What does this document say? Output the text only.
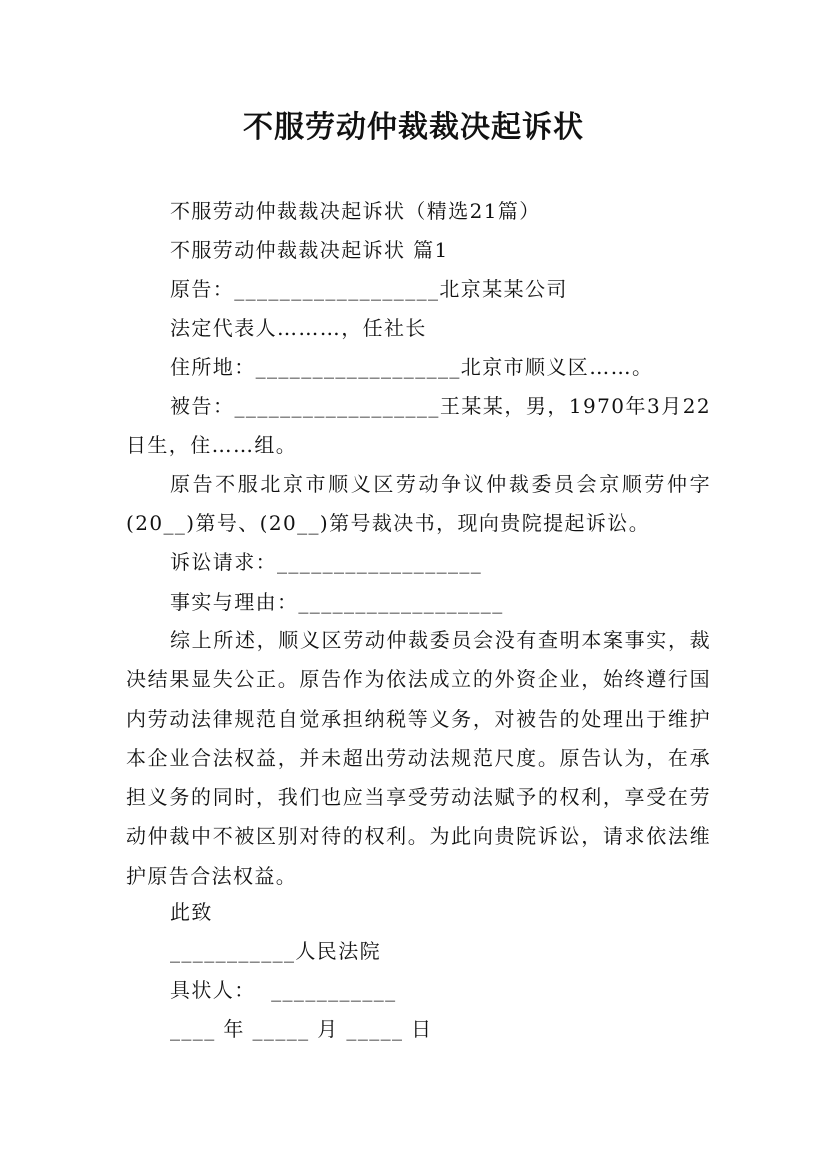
不服劳动仲裁裁决起诉状
不服劳动仲裁裁决起诉状（精选21篇）
不服劳动仲裁裁决起诉状 篇1
原告：__________________北京某某公司
法定代表人………，任社长
住所地：__________________北京市顺义区……。

被告：__________________王某某，男，1970年3月22日生，住……组。

原告不服北京市顺义区劳动争议仲裁委员会京顺劳仲字(20__)第号、(20__)第号裁决书，现向贵院提起诉讼。

诉讼请求：__________________
事实与理由：__________________

综上所述，顺义区劳动仲裁委员会没有查明本案事实，裁决结果显失公正。原告作为依法成立的外资企业，始终遵行国内劳动法律规范自觉承担纳税等义务，对被告的处理出于维护本企业合法权益，并未超出劳动法规范尺度。原告认为，在承担义务的同时，我们也应当享受劳动法赋予的权利，享受在劳动仲裁中不被区别对待的权利。为此向贵院诉讼，请求依法维护原告合法权益。

此致
___________人民法院
具状人：  ___________
____ 年 _____ 月 _____ 日
